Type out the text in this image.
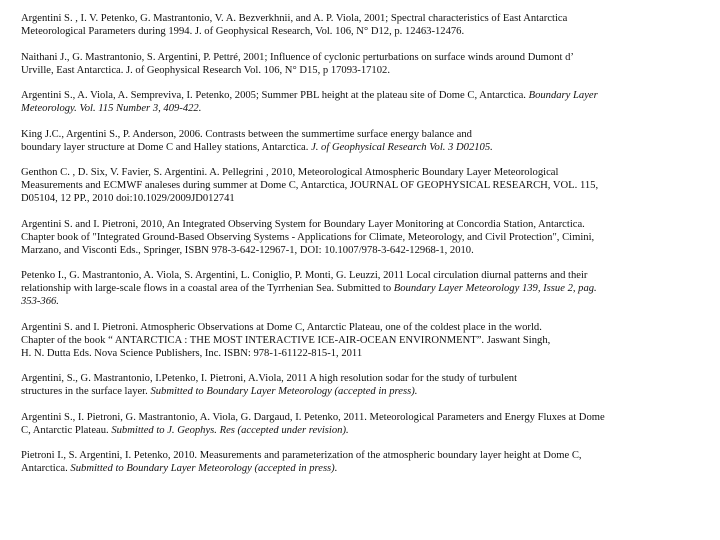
Argentini S. , I. V. Petenko, G. Mastrantonio, V. A. Bezverkhnii, and A. P. Viola, 2001; Spectral characteristics of East Antarctica
Meteorological Parameters during 1994. J. of Geophysical Research, Vol. 106, N° D12, p. 12463-12476.
Naithani J., G. Mastrantonio, S. Argentini, P. Pettré, 2001; Influence of cyclonic perturbations on surface winds around Dumont d’
Urville, East Antarctica. J. of Geophysical Research Vol. 106, N° D15, p 17093-17102.
Argentini S., A. Viola, A. Sempreviva, I. Petenko, 2005; Summer PBL height at the plateau site of Dome C, Antarctica. Boundary Layer
Meteorology. Vol. 115 Number 3, 409-422.
King J.C., Argentini S., P. Anderson, 2006. Contrasts between the summertime surface energy balance and
boundary layer structure at Dome C and Halley stations, Antarctica. J. of Geophysical Research Vol. 3 D02105.
Genthon C. , D. Six, V. Favier, S. Argentini. A. Pellegrini , 2010, Meteorological Atmospheric Boundary Layer Meteorological
Measurements and ECMWF analeses during summer at Dome C, Antarctica, JOURNAL OF GEOPHYSICAL RESEARCH, VOL. 115,
D05104, 12 PP., 2010 doi:10.1029/2009JD012741
Argentini S. and I. Pietroni, 2010, An Integrated Observing System for Boundary Layer Monitoring at Concordia Station, Antarctica.
Chapter book of "Integrated Ground-Based Observing Systems - Applications for Climate, Meteorology, and Civil Protection", Cimini,
Marzano, and Visconti Eds., Springer, ISBN 978-3-642-12967-1, DOI: 10.1007/978-3-642-12968-1, 2010.
Petenko I., G. Mastrantonio, A. Viola, S. Argentini, L. Coniglio, P. Monti, G. Leuzzi, 2011 Local circulation diurnal patterns and their
relationship with large-scale flows in a coastal area of the Tyrrhenian Sea. Submitted to Boundary Layer Meteorology 139, Issue 2, pag.
353-366.
Argentini S. and I. Pietroni. Atmospheric Observations at Dome C, Antarctic Plateau, one of the coldest place in the world.
Chapter of the book “ ANTARCTICA : THE MOST INTERACTIVE ICE-AIR-OCEAN ENVIRONMENT”. Jaswant Singh,
H. N. Dutta Eds. Nova Science Publishers, Inc. ISBN: 978-1-61122-815-1, 2011
Argentini, S., G. Mastrantonio, I.Petenko, I. Pietroni, A.Viola, 2011 A high resolution sodar for the study of turbulent
structures in the surface layer. Submitted to Boundary Layer Meteorology (accepted in press).
Argentini S., I. Pietroni, G. Mastrantonio, A. Viola, G. Dargaud, I. Petenko, 2011. Meteorological Parameters and Energy Fluxes at Dome
C, Antarctic Plateau. Submitted to J. Geophys. Res (accepted under revision).
Pietroni I., S. Argentini, I. Petenko, 2010. Measurements and parameterization of the atmospheric boundary layer height at Dome C,
Antarctica. Submitted to Boundary Layer Meteorology (accepted in press).
